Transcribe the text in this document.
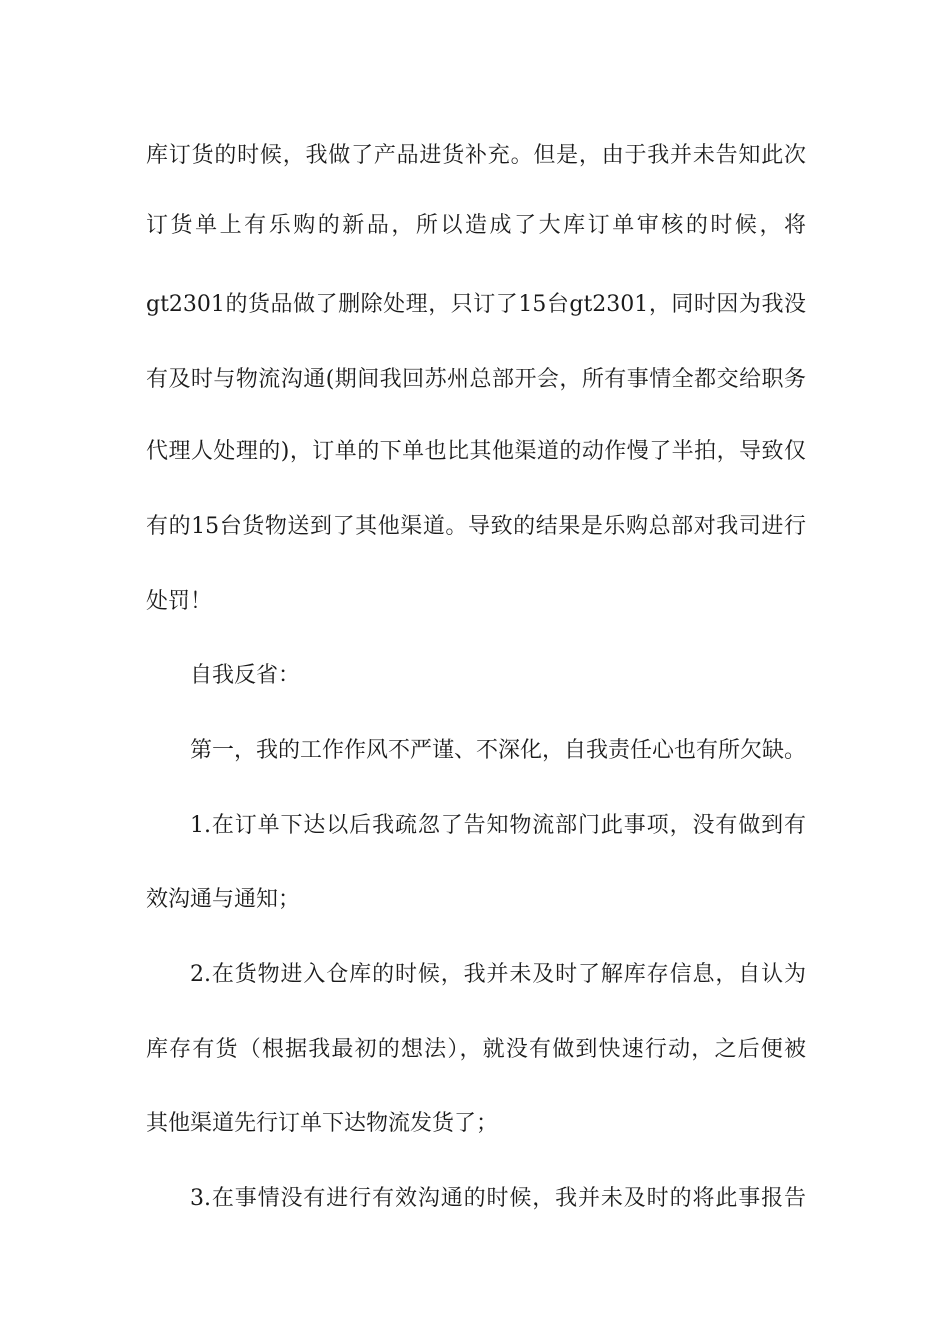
库订货的时候，我做了产品进货补充。但是，由于我并未告知此次
订货单上有乐购的新品，所以造成了大库订单审核的时候，将
gt2301的货品做了删除处理，只订了15台gt2301，同时因为我没
有及时与物流沟通(期间我回苏州总部开会，所有事情全都交给职务
代理人处理的)，订单的下单也比其他渠道的动作慢了半拍，导致仅
有的15台货物送到了其他渠道。导致的结果是乐购总部对我司进行
处罚！
自我反省：
第一，我的工作作风不严谨、不深化，自我责任心也有所欠缺。
1.在订单下达以后我疏忽了告知物流部门此事项，没有做到有
效沟通与通知；
2.在货物进入仓库的时候，我并未及时了解库存信息，自认为
库存有货（根据我最初的想法），就没有做到快速行动，之后便被
其他渠道先行订单下达物流发货了；
3.在事情没有进行有效沟通的时候，我并未及时的将此事报告
